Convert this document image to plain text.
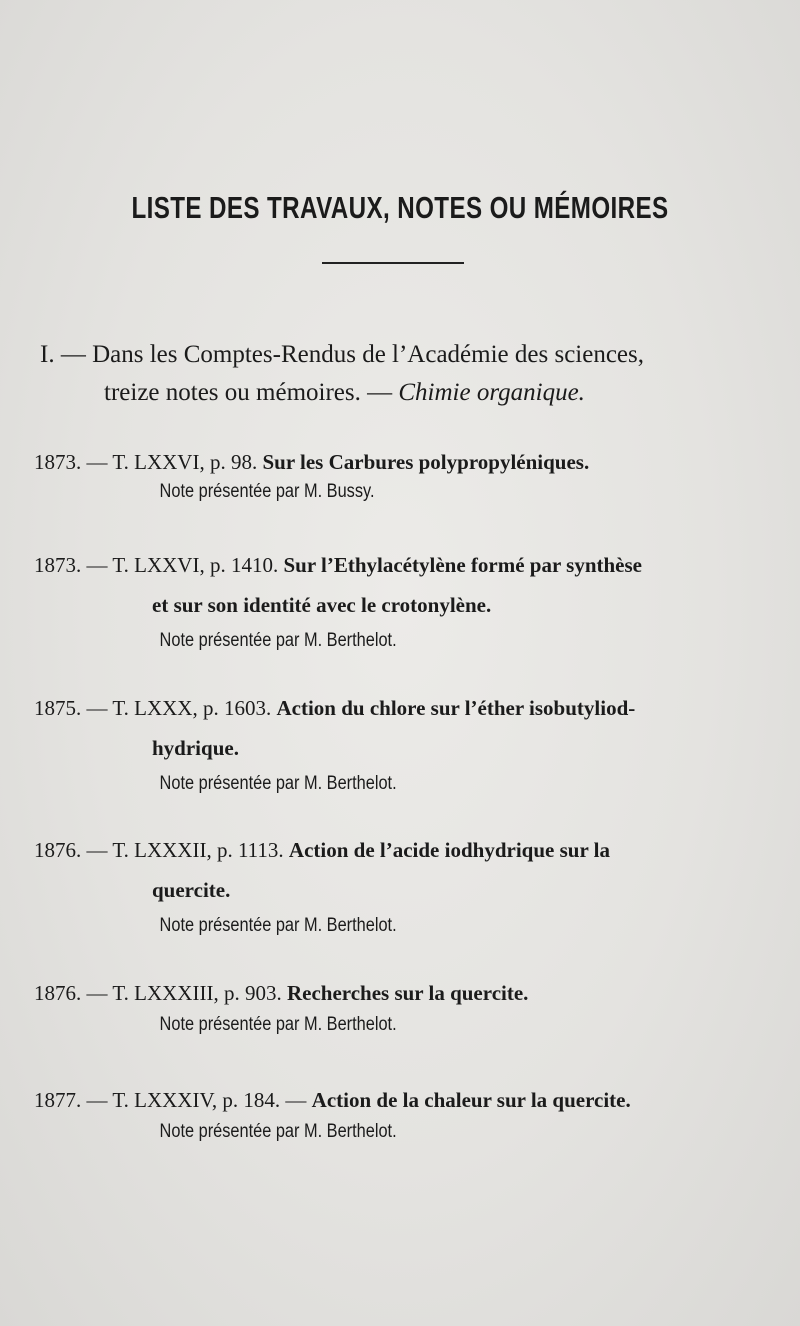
LISTE DES TRAVAUX, NOTES OU MÉMOIRES
I. — Dans les Comptes-Rendus de l’Académie des sciences,
treize notes ou mémoires. — Chimie organique.
1873. — T. LXXVI, p. 98. Sur les Carbures polypropyléniques.
Note présentée par M. Bussy.
1873. — T. LXXVI, p. 1410. Sur l’Ethylacétylène formé par synthèse
et sur son identité avec le crotonylène.
Note présentée par M. Berthelot.
1875. — T. LXXX, p. 1603. Action du chlore sur l’éther isobutyliod-
hydrique.
Note présentée par M. Berthelot.
1876. — T. LXXXII, p. 1113. Action de l’acide iodhydrique sur la
quercite.
Note présentée par M. Berthelot.
1876. — T. LXXXIII, p. 903. Recherches sur la quercite.
Note présentée par M. Berthelot.
1877. — T. LXXXIV, p. 184. — Action de la chaleur sur la quercite.
Note présentée par M. Berthelot.
